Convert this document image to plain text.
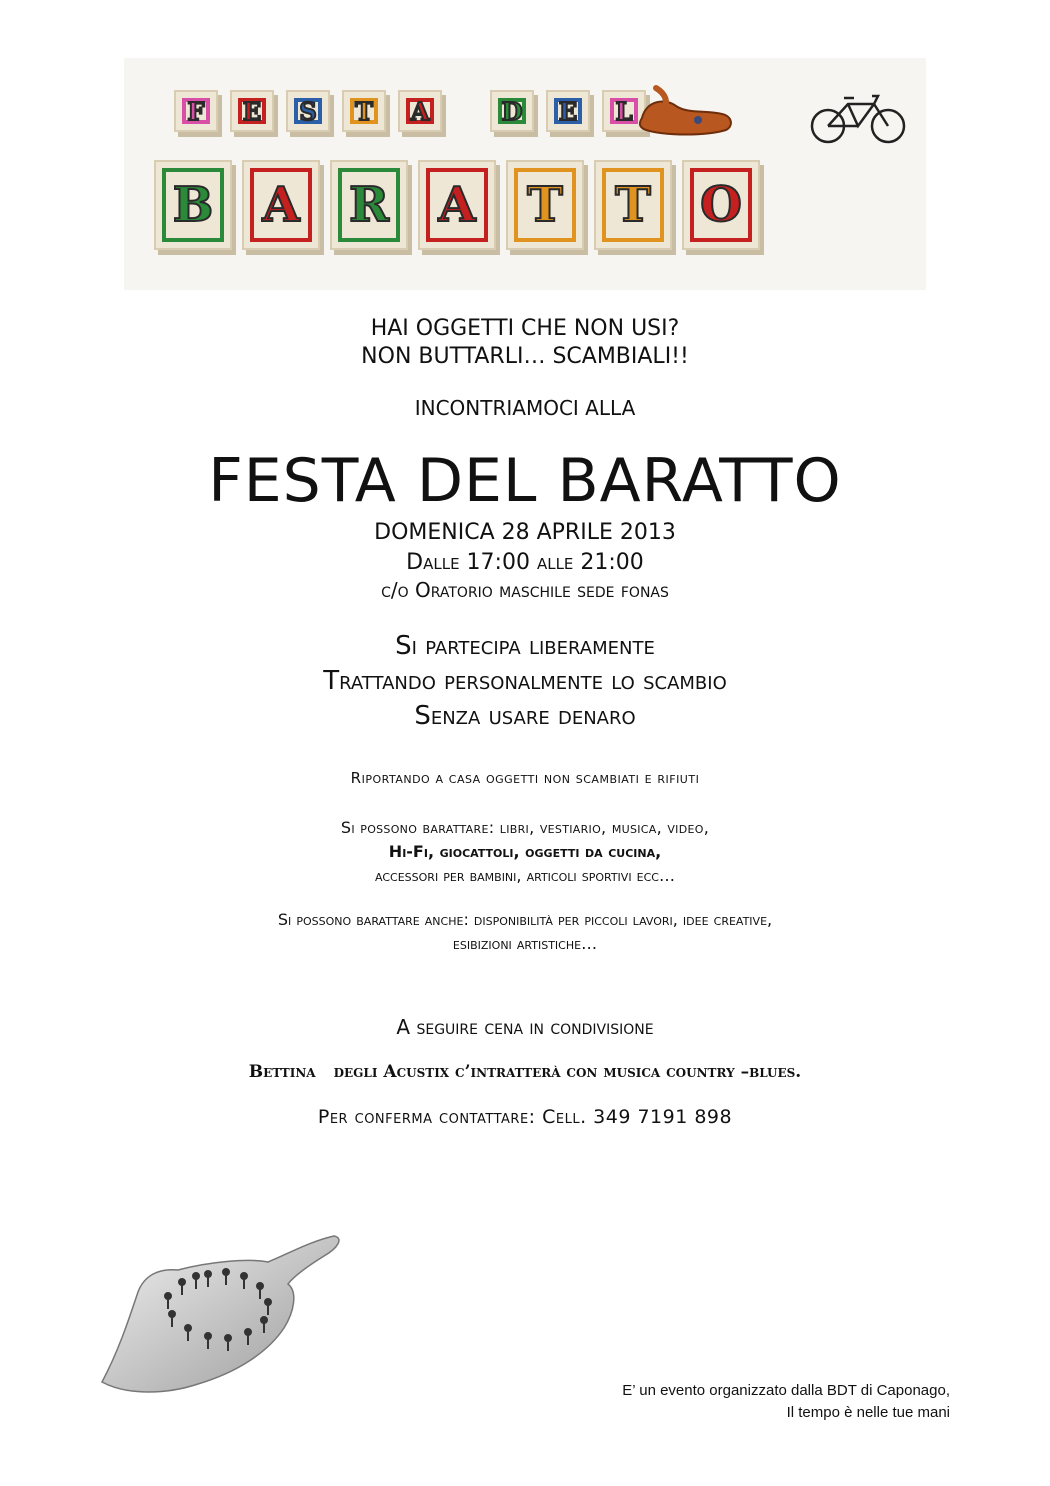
F E S T A	D E L
B A R A T T O
HAI OGGETTI CHE NON USI?
NON BUTTARLI… SCAMBIALI!!
INCONTRIAMOCI ALLA
FESTA DEL BARATTO
DOMENICA 28 APRILE 2013
Dalle 17:00 alle 21:00
c/o Oratorio maschile sede fonas
Si partecipa liberamente
Trattando personalmente lo scambio
Senza usare denaro
Riportando a casa oggetti non scambiati e rifiuti
Si possono barattare: libri, vestiario, musica, video,
Hi-Fi, giocattoli, oggetti da cucina,
accessori per bambini, articoli sportivi ecc…
Si possono barattare anche: disponibilità per piccoli lavori, idee creative,
esibizioni artistiche…
A seguire cena in condivisione
Bettina degli Acustix c’intratterà con musica country –blues.
Per conferma contattare: Cell. 349 7191 898
E’ un evento organizzato dalla BDT di Caponago,
Il tempo è nelle tue mani
